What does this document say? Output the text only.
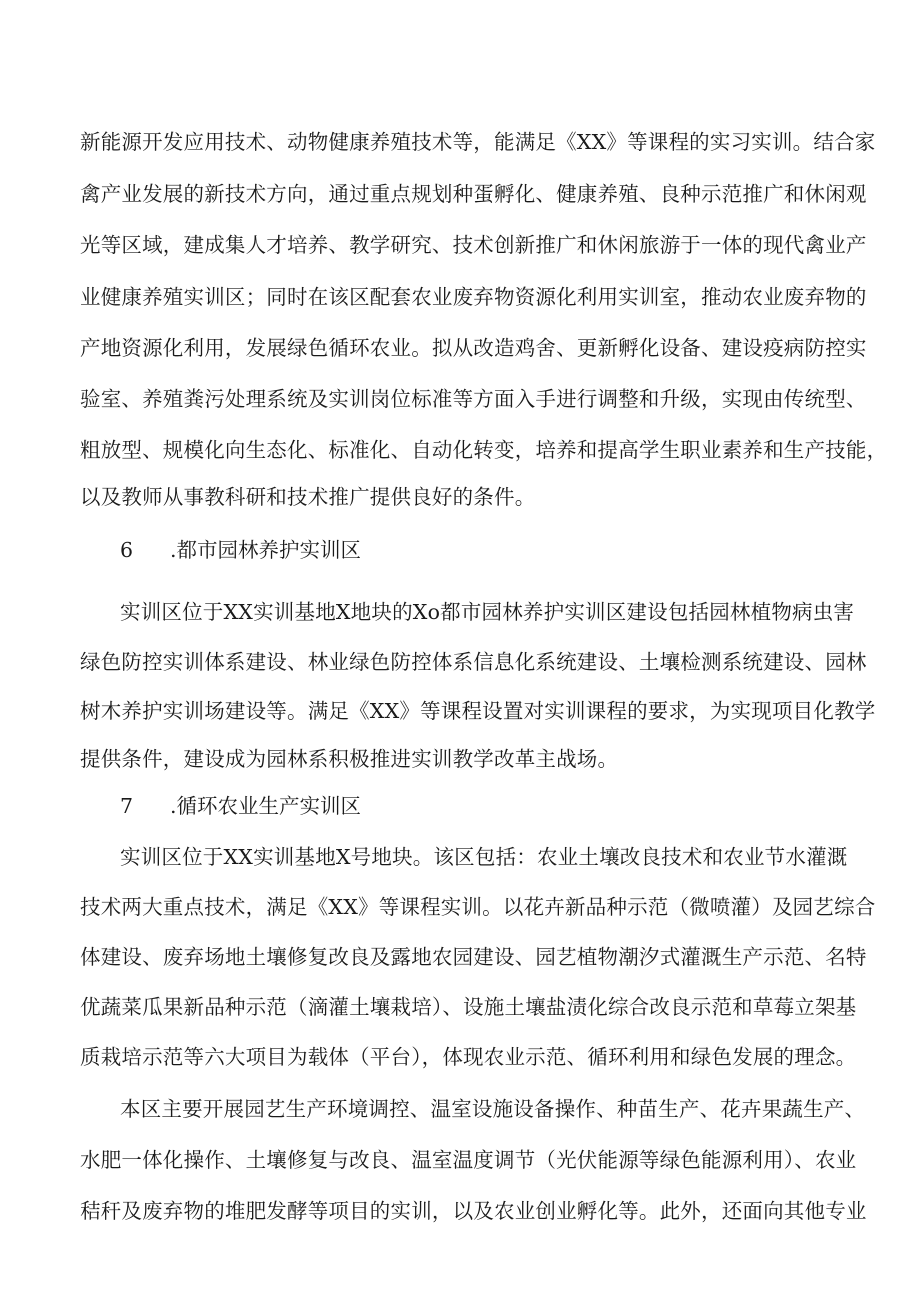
新能源开发应用技术、动物健康养殖技术等，能满足《XX》等课程的实习实训。结合家
禽产业发展的新技术方向，通过重点规划种蛋孵化、健康养殖、良种示范推广和休闲观
光等区域，建成集人才培养、教学研究、技术创新推广和休闲旅游于一体的现代禽业产
业健康养殖实训区；同时在该区配套农业废弃物资源化利用实训室，推动农业废弃物的
产地资源化利用，发展绿色循环农业。拟从改造鸡舍、更新孵化设备、建设疫病防控实
验室、养殖粪污处理系统及实训岗位标准等方面入手进行调整和升级，实现由传统型、
粗放型、规模化向生态化、标准化、自动化转变，培养和提高学生职业素养和生产技能，
以及教师从事教科研和技术推广提供良好的条件。
6 .都市园林养护实训区
实训区位于XX实训基地X地块的Xo都市园林养护实训区建设包括园林植物病虫害
绿色防控实训体系建设、林业绿色防控体系信息化系统建设、土壤检测系统建设、园林
树木养护实训场建设等。满足《XX》等课程设置对实训课程的要求，为实现项目化教学
提供条件，建设成为园林系积极推进实训教学改革主战场。
7 .循环农业生产实训区
实训区位于XX实训基地X号地块。该区包括：农业土壤改良技术和农业节水灌溉
技术两大重点技术，满足《XX》等课程实训。以花卉新品种示范（微喷灌）及园艺综合
体建设、废弃场地土壤修复改良及露地农园建设、园艺植物潮汐式灌溉生产示范、名特
优蔬菜瓜果新品种示范（滴灌土壤栽培）、设施土壤盐渍化综合改良示范和草莓立架基
质栽培示范等六大项目为载体（平台），体现农业示范、循环利用和绿色发展的理念。
本区主要开展园艺生产环境调控、温室设施设备操作、种苗生产、花卉果蔬生产、
水肥一体化操作、土壤修复与改良、温室温度调节（光伏能源等绿色能源利用）、农业
秸秆及废弃物的堆肥发酵等项目的实训，以及农业创业孵化等。此外，还面向其他专业
